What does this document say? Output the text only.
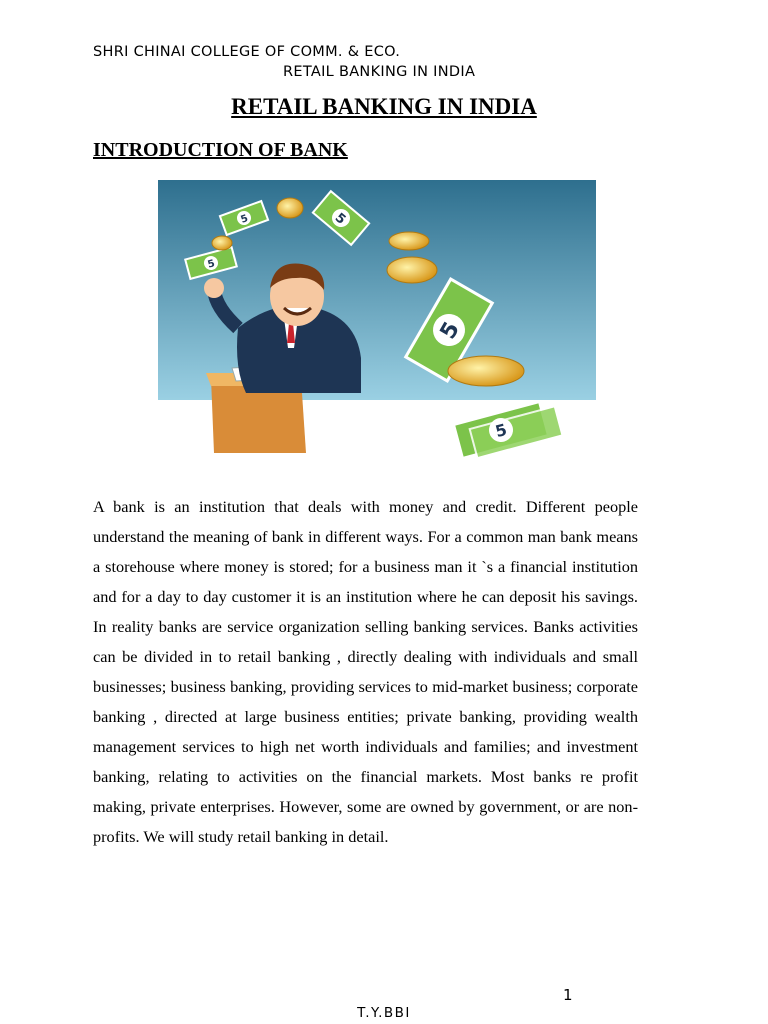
SHRI CHINAI COLLEGE OF COMM. & ECO.
RETAIL BANKING IN INDIA
RETAIL BANKING IN INDIA
INTRODUCTION OF BANK
5
5
5
5
5

A bank is an institution that deals with money and credit. Different people understand the meaning of bank in different ways. For a common man bank means a storehouse where money is stored; for a business man it `s a financial institution and for a day to day customer it is an institution where he can deposit his savings. In reality banks are service organization selling banking services. Banks activities can be divided in to retail banking , directly dealing with individuals and small businesses; business banking, providing services to mid-market business; corporate banking , directed at large business entities; private banking, providing wealth management services to high net worth individuals and families; and investment banking, relating to activities on the financial markets. Most banks re profit making, private enterprises. However, some are owned by government, or are non-profits. We will study retail banking in detail.

1
T.Y.BBI
